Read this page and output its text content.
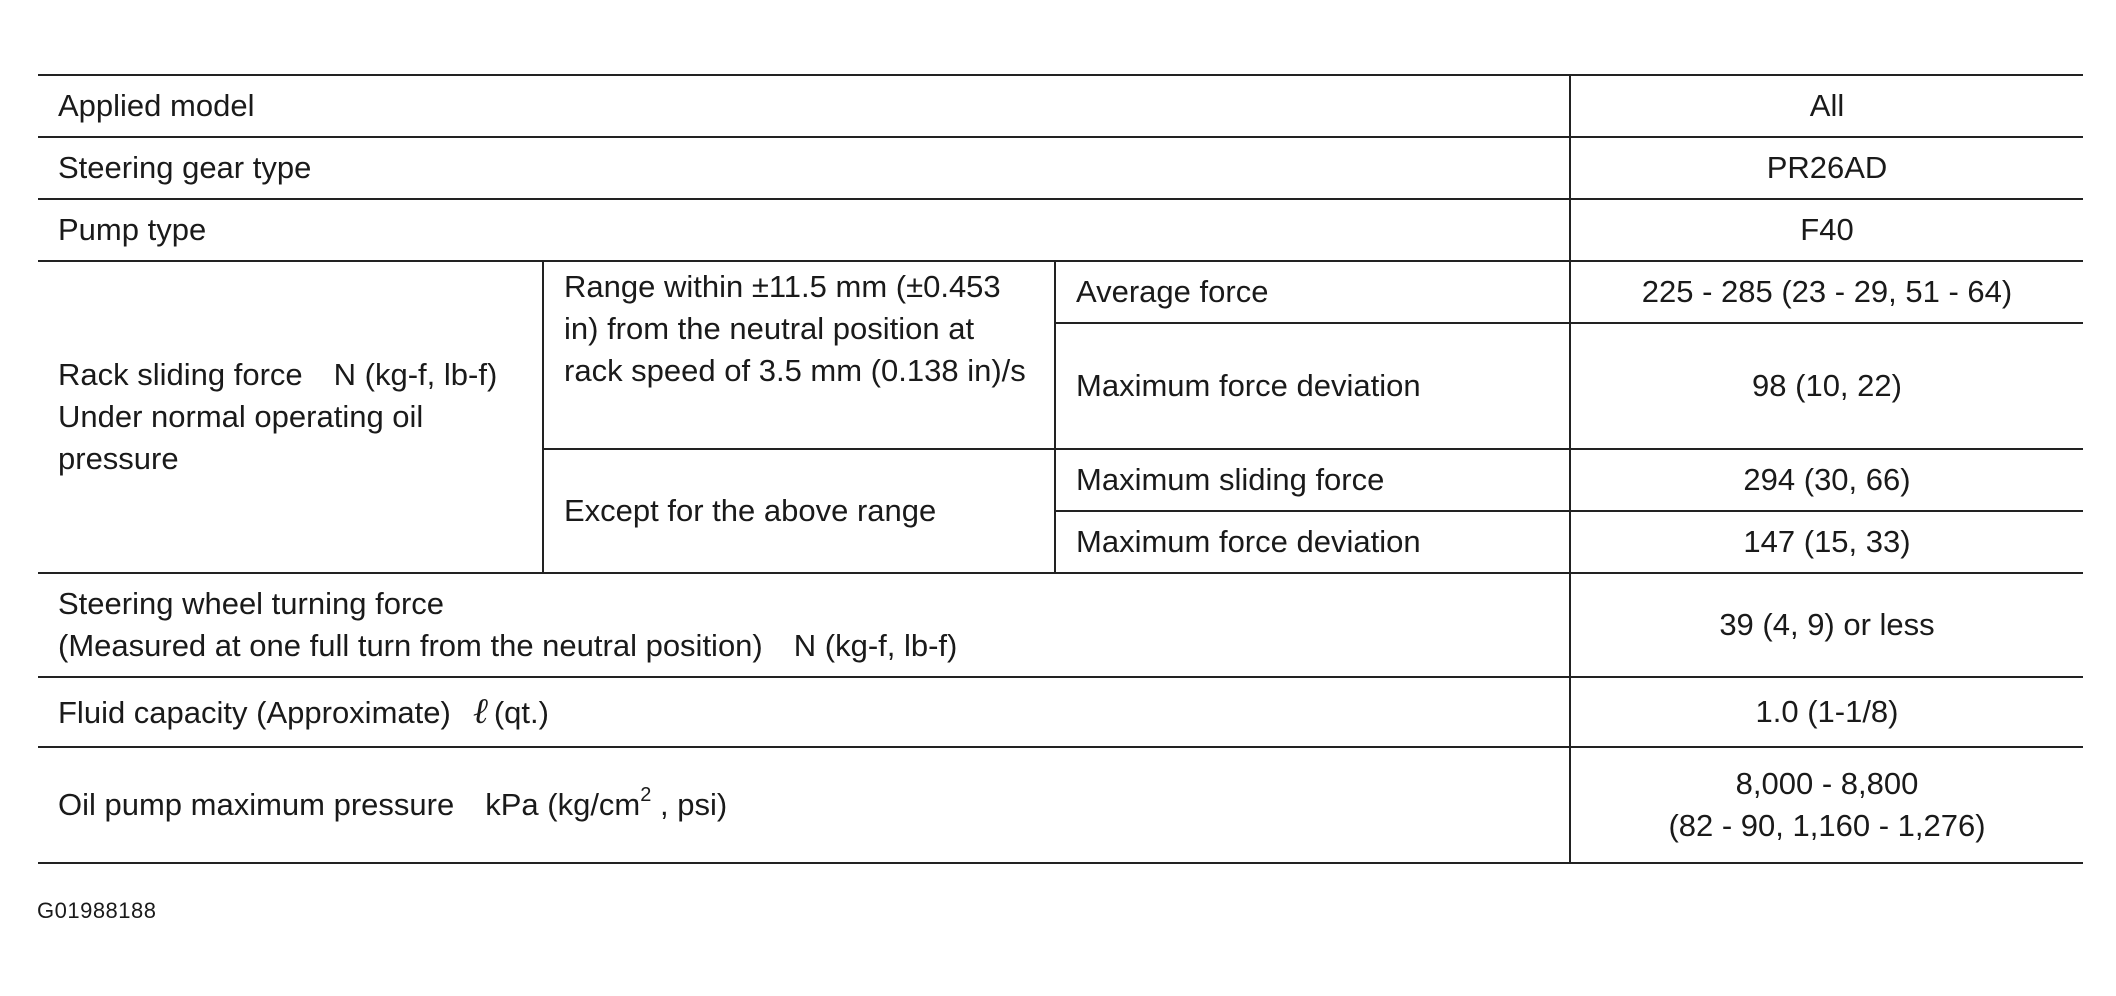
Applied model			All
Steering gear type			PR26AD
Pump type			F40

Rack sliding force N (kg-f, lb-f)
Under normal operating oil pressure	Range within ±11.5 mm (±0.453 in) from the neutral position at rack speed of 3.5 mm (0.138 in)/s	Average force	225 - 285 (23 - 29, 51 - 64)
		Maximum force deviation	98 (10, 22)
	Except for the above range	Maximum sliding force	294 (30, 66)
		Maximum force deviation	147 (15, 33)

Steering wheel turning force
(Measured at one full turn from the neutral position) N (kg-f, lb-f)			39 (4, 9) or less
Fluid capacity (Approximate) ℓ (qt.)			1.0 (1-1/8)
Oil pump maximum pressure kPa ($kg/cm^2$ , psi)			8,000 - 8,800
(82 - 90, 1,160 - 1,276)
G01988188
